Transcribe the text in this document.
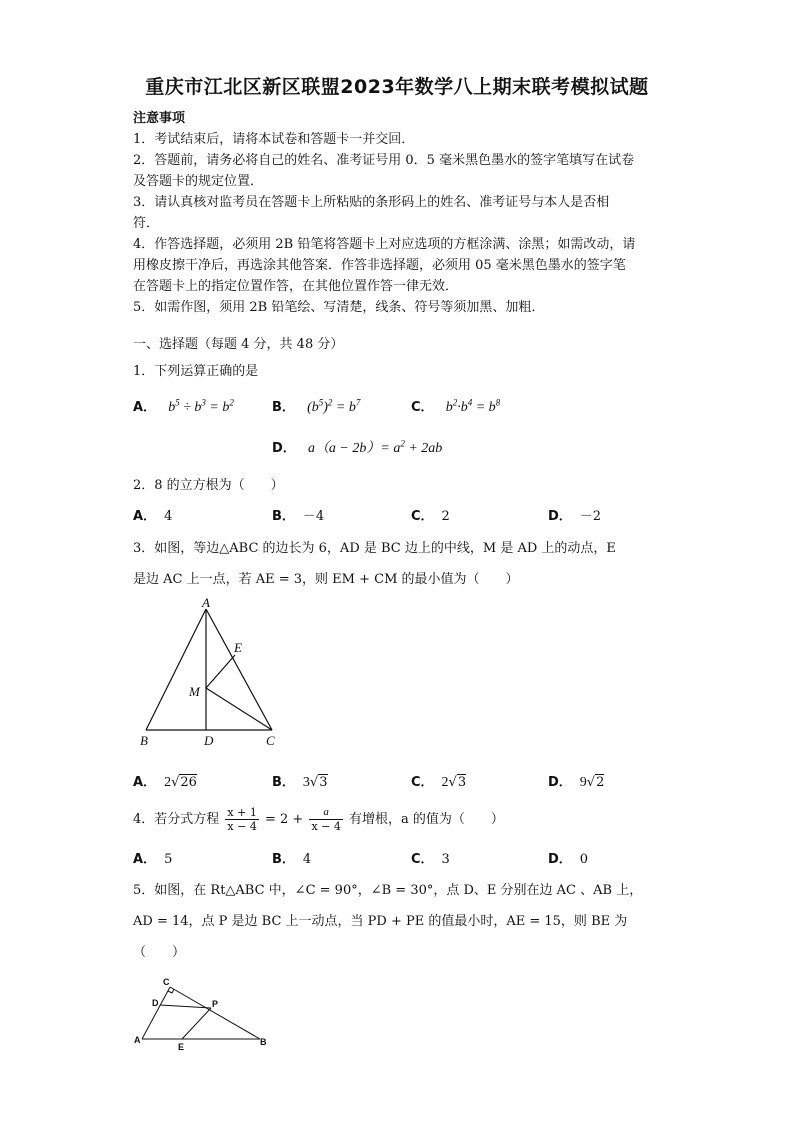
重庆市江北区新区联盟2023年数学八上期末联考模拟试题
注意事项
1．考试结束后，请将本试卷和答题卡一并交回．
2．答题前，请务必将自己的姓名、准考证号用 0．5 毫米黑色墨水的签字笔填写在试卷
及答题卡的规定位置．
3．请认真核对监考员在答题卡上所粘贴的条形码上的姓名、准考证号与本人是否相
符．
4．作答选择题，必须用 2B 铅笔将答题卡上对应选项的方框涂满、涂黑；如需改动，请
用橡皮擦干净后，再选涂其他答案．作答非选择题，必须用 05 毫米黑色墨水的签字笔
在答题卡上的指定位置作答，在其他位置作答一律无效．
5．如需作图，须用 2B 铅笔绘、写清楚，线条、符号等须加黑、加粗．
一、选择题（每题 4 分，共 48 分）
1．下列运算正确的是
A． $b^5 \div b^3 = b^2$	B． $(b^5)^2 = b^7$	C． $b^2\cdot b^4 = b^8$
D． $a(a - 2b)= a^2 + 2ab$
2．8 的立方根为（　　）
A． 4	B． －4	C． 2	D． －2
3．如图，等边△ABC 的边长为 6，AD 是 BC 边上的中线，M 是 AD 上的动点，E
是边 AC 上一点，若 AE = 3，则 EM + CM 的最小值为（　　）
A
B	C
D
E
M
A． 2√26	B． 3√3	C． 2√3	D． 9√2
4．若分式方程 $\frac{x + 1}{x - 4} = 2 + \frac{a}{x - 4}$ 有增根，a 的值为（　　）
A． 5	B． 4	C． 3	D． 0
5．如图，在 Rt△ABC 中，∠C = 90°，∠B = 30°，点 D、E 分别在边 AC 、AB 上，
AD = 14，点 P 是边 BC 上一动点，当 PD + PE 的值最小时，AE = 15，则 BE 为
（　　）
C
D	P
A
E	B
